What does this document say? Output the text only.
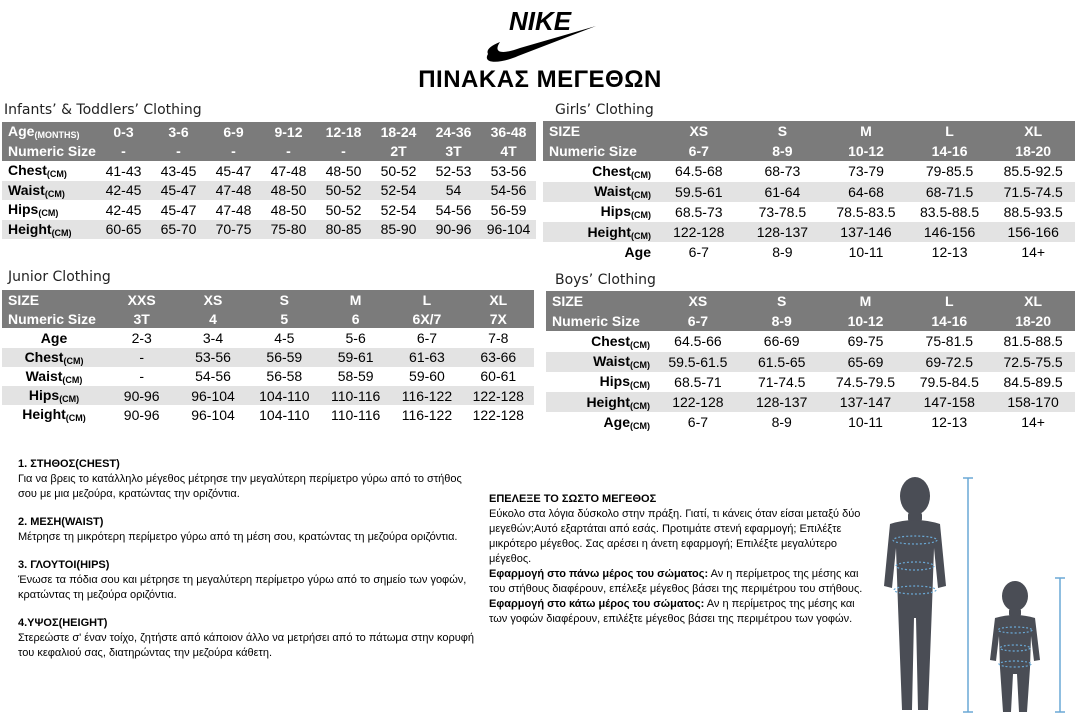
NIKE
ΠΙΝΑΚΑΣ ΜΕΓΕΘΩΝ
Infants’ & Toddlers’ Clothing	Girls’ Clothing
Junior Clothing	Boys’ Clothing
Age$_{(MONTHS)}$	0-3	3-6	6-9	9-12	12-18	18-24	24-36	36-48
Numeric Size	-	-	-	-	-	2T	3T	4T
Chest$_{(CM)}$	41-43	43-45	45-47	47-48	48-50	50-52	52-53	53-56
Waist$_{(CM)}$	42-45	45-47	47-48	48-50	50-52	52-54	54	54-56
Hips$_{(CM)}$	42-45	45-47	47-48	48-50	50-52	52-54	54-56	56-59
Height$_{(CM)}$	60-65	65-70	70-75	75-80	80-85	85-90	90-96	96-104
SIZE	XS	S	M	L	XL
Numeric Size	6-7	8-9	10-12	14-16	18-20
Chest$_{(CM)}$	64.5-68	68-73	73-79	79-85.5	85.5-92.5
Waist$_{(CM)}$	59.5-61	61-64	64-68	68-71.5	71.5-74.5
Hips$_{(CM)}$	68.5-73	73-78.5	78.5-83.5	83.5-88.5	88.5-93.5
Height$_{(CM)}$	122-128	128-137	137-146	146-156	156-166
Age	6-7	8-9	10-11	12-13	14+
SIZE	XXS	XS	S	M	L	XL
Numeric Size	3T	4	5	6	6X/7	7X
Age	2-3	3-4	4-5	5-6	6-7	7-8
Chest$_{(CM)}$	-	53-56	56-59	59-61	61-63	63-66
Waist$_{(CM)}$	-	54-56	56-58	58-59	59-60	60-61
Hips$_{(CM)}$	90-96	96-104	104-110	110-116	116-122	122-128
Height$_{(CM)}$	90-96	96-104	104-110	110-116	116-122	122-128
SIZE	XS	S	M	L	XL
Numeric Size	6-7	8-9	10-12	14-16	18-20
Chest$_{(CM)}$	64.5-66	66-69	69-75	75-81.5	81.5-88.5
Waist$_{(CM)}$	59.5-61.5	61.5-65	65-69	69-72.5	72.5-75.5
Hips$_{(CM)}$	68.5-71	71-74.5	74.5-79.5	79.5-84.5	84.5-89.5
Height$_{(CM)}$	122-128	128-137	137-147	147-158	158-170
Age$_{(CM)}$	6-7	8-9	10-11	12-13	14+
1. ΣΤΗΘΟΣ(CHEST)
Για να βρεις το κατάλληλο μέγεθος μέτρησε την μεγαλύτερη περίμετρο γύρω από το στήθος σου με μια μεζούρα, κρατώντας την οριζόντια.
2. ΜΕΣΗ(WAIST)
Μέτρησε τη μικρότερη περίμετρο γύρω από τη μέση σου, κρατώντας τη μεζούρα οριζόντια.
3. ΓΛΟΥΤΟΙ(HIPS)
Ένωσε τα πόδια σου και μέτρησε τη μεγαλύτερη περίμετρο γύρω από το σημείο των γοφών, κρατώντας τη μεζούρα οριζόντια.
4.ΥΨΟΣ(HEIGHT)
Στερεώστε σ' έναν τοίχο, ζητήστε από κάποιον άλλο να μετρήσει από το πάτωμα στην κορυφή του κεφαλιού σας, διατηρώντας την μεζούρα κάθετη.
ΕΠΕΛΕΞΕ ΤΟ ΣΩΣΤΟ ΜΕΓΕΘΟΣ
Εύκολο στα λόγια δύσκολο στην πράξη. Γιατί, τι κάνεις όταν είσαι μεταξύ δύο μεγεθών;Αυτό εξαρτάται από εσάς. Προτιμάτε στενή εφαρμογή; Επιλέξτε μικρότερο μέγεθος. Σας αρέσει η άνετη εφαρμογή; Επιλέξτε μεγαλύτερο μέγεθος.
Εφαρμογή στο πάνω μέρος του σώματος: Αν η περίμετρος της μέσης και του στήθους διαφέρουν, επέλεξε μέγεθος βάσει της περιμέτρου του στήθους.
Εφαρμογή στο κάτω μέρος του σώματος: Αν η περίμετρος της μέσης και των γοφών διαφέρουν, επιλέξτε μέγεθος βάσει της περιμέτρου των γοφών.
